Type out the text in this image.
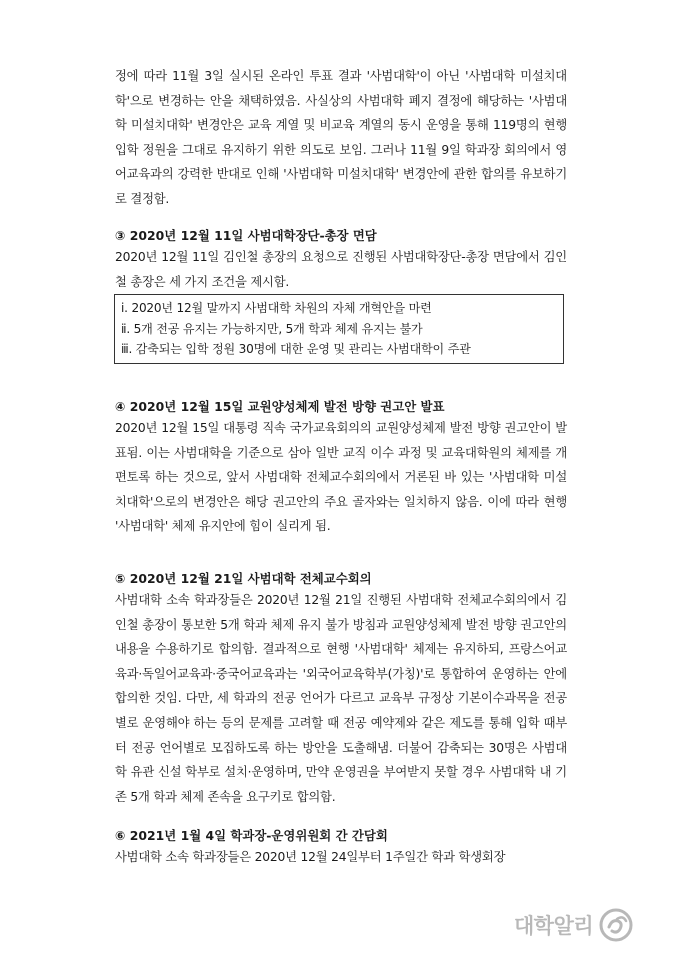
정에 따라 11월 3일 실시된 온라인 투표 결과 '사범대학'이 아닌 '사범대학 미설치대학'으로 변경하는 안을 채택하였음. 사실상의 사범대학 폐지 결정에 해당하는 '사범대학 미설치대학' 변경안은 교육 계열 및 비교육 계열의 동시 운영을 통해 119명의 현행 입학 정원을 그대로 유지하기 위한 의도로 보임. 그러나 11월 9일 학과장 회의에서 영어교육과의 강력한 반대로 인해 '사범대학 미설치대학' 변경안에 관한 합의를 유보하기로 결정함.

③ 2020년 12월 11일 사범대학장단-총장 면담

2020년 12월 11일 김인철 총장의 요청으로 진행된 사범대학장단-총장 면담에서 김인철 총장은 세 가지 조건을 제시함.

ⅰ. 2020년 12월 말까지 사범대학 차원의 자체 개혁안을 마련
ⅱ. 5개 전공 유지는 가능하지만, 5개 학과 체제 유지는 불가
ⅲ. 감축되는 입학 정원 30명에 대한 운영 및 관리는 사범대학이 주관
④ 2020년 12월 15일 교원양성체제 발전 방향 권고안 발표

2020년 12월 15일 대통령 직속 국가교육회의의 교원양성체제 발전 방향 권고안이 발표됨. 이는 사범대학을 기준으로 삼아 일반 교직 이수 과정 및 교육대학원의 체제를 개편토록 하는 것으로, 앞서 사범대학 전체교수회의에서 거론된 바 있는 '사범대학 미설치대학'으로의 변경안은 해당 권고안의 주요 골자와는 일치하지 않음. 이에 따라 현행 '사범대학' 체제 유지안에 힘이 실리게 됨.

⑤ 2020년 12월 21일 사범대학 전체교수회의

사범대학 소속 학과장들은 2020년 12월 21일 진행된 사범대학 전체교수회의에서 김인철 총장이 통보한 5개 학과 체제 유지 불가 방침과 교원양성체제 발전 방향 권고안의 내용을 수용하기로 합의함. 결과적으로 현행 '사범대학' 체제는 유지하되, 프랑스어교육과·독일어교육과·중국어교육과는 '외국어교육학부(가칭)'로 통합하여 운영하는 안에 합의한 것임. 다만, 세 학과의 전공 언어가 다르고 교육부 규정상 기본이수과목을 전공별로 운영해야 하는 등의 문제를 고려할 때 전공 예약제와 같은 제도를 통해 입학 때부터 전공 언어별로 모집하도록 하는 방안을 도출해냄. 더불어 감축되는 30명은 사범대학 유관 신설 학부로 설치·운영하며, 만약 운영권을 부여받지 못할 경우 사범대학 내 기존 5개 학과 체제 존속을 요구키로 합의함.

⑥ 2021년 1월 4일 학과장-운영위원회 간 간담회

사범대학 소속 학과장들은 2020년 12월 24일부터 1주일간 학과 학생회장

대학알리
